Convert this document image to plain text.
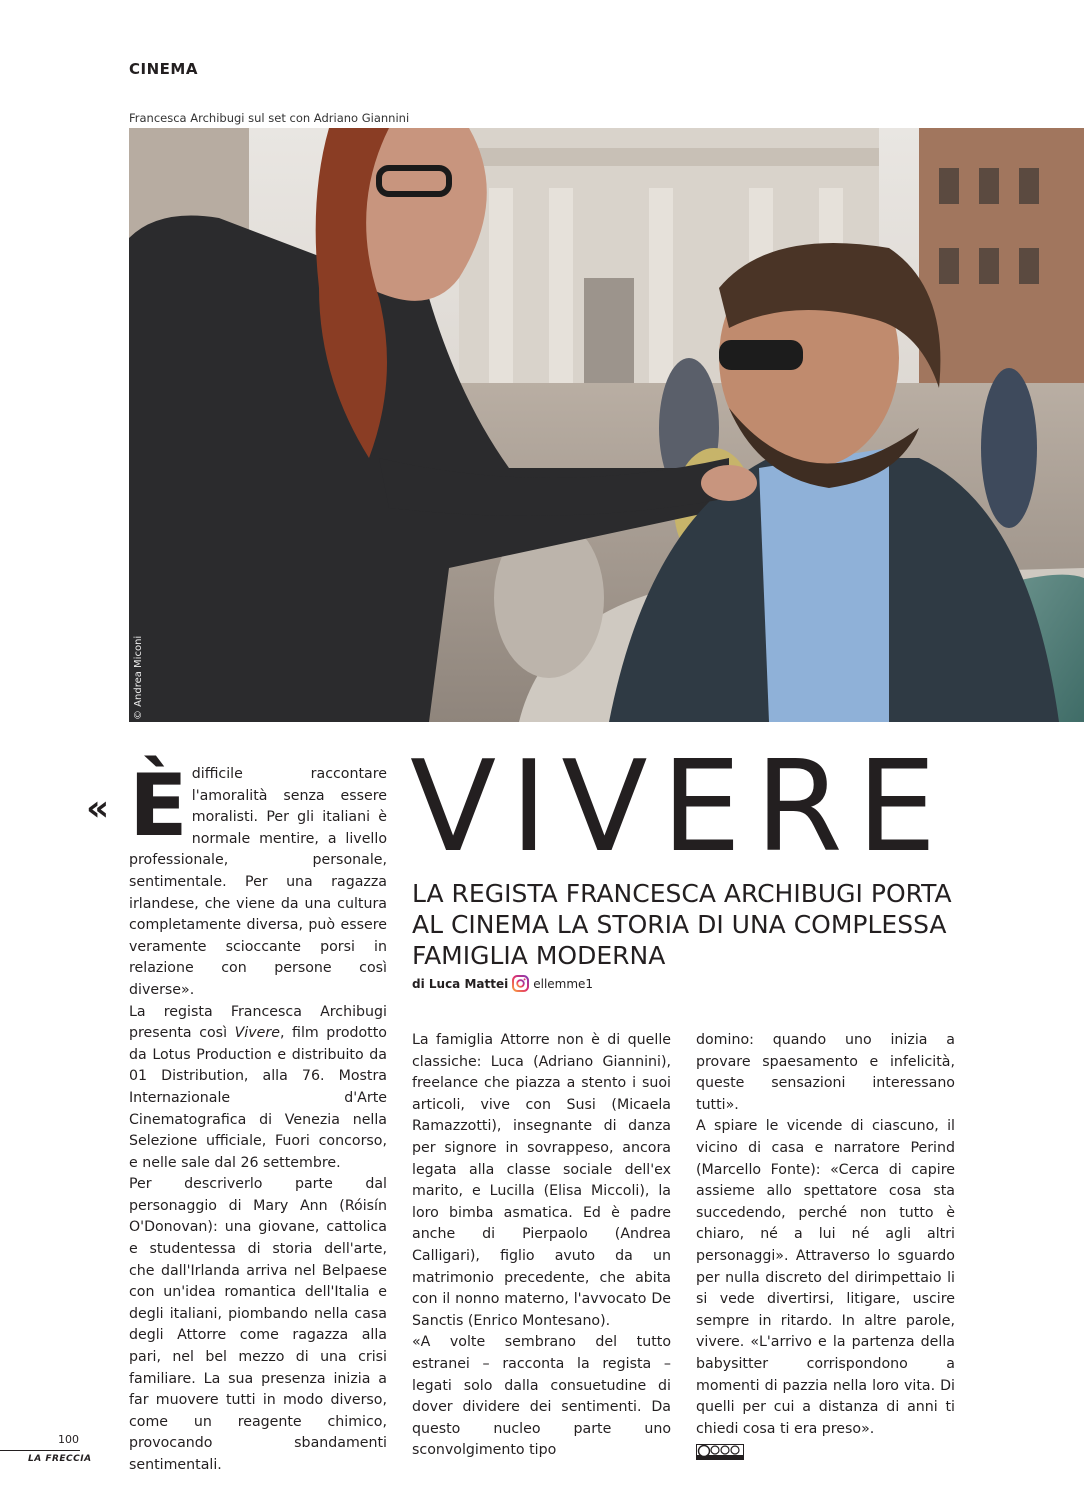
CINEMA
Francesca Archibugi sul set con Adriano Giannini
© Andrea Miconi
« È difficile raccontare l'amoralità senza essere moralisti. Per gli italiani è normale mentire, a livello professionale, personale, sentimentale. Per una ragazza irlandese, che viene da una cultura completamente diversa, può essere veramente scioccante porsi in relazione con persone così diverse».

La regista Francesca Archibugi presenta così Vivere, film prodotto da Lotus Production e distribuito da 01 Distribution, alla 76. Mostra Internazionale d'Arte Cinematografica di Venezia nella Selezione ufficiale, Fuori concorso, e nelle sale dal 26 settembre.

Per descriverlo parte dal personaggio di Mary Ann (Róisín O'Donovan): una giovane, cattolica e studentessa di storia dell'arte, che dall'Irlanda arriva nel Belpaese con un'idea romantica dell'Italia e degli italiani, piombando nella casa degli Attorre come ragazza alla pari, nel bel mezzo di una crisi familiare. La sua presenza inizia a far muovere tutti in modo diverso, come un reagente chimico, provocando sbandamenti sentimentali.

VIVERE
LA REGISTA FRANCESCA ARCHIBUGI PORTA AL CINEMA LA STORIA DI UNA COMPLESSA FAMIGLIA MODERNA
di Luca Mattei ellemme1

La famiglia Attorre non è di quelle classiche: Luca (Adriano Giannini), freelance che piazza a stento i suoi articoli, vive con Susi (Micaela Ramazzotti), insegnante di danza per signore in sovrappeso, ancora legata alla classe sociale dell'ex marito, e Lucilla (Elisa Miccoli), la loro bimba asmatica. Ed è padre anche di Pierpaolo (Andrea Calligari), figlio avuto da un matrimonio precedente, che abita con il nonno materno, l'avvocato De Sanctis (Enrico Montesano).

«A volte sembrano del tutto estranei – racconta la regista – legati solo dalla consuetudine di dover dividere dei sentimenti. Da questo nucleo parte uno sconvolgimento tipo

domino: quando uno inizia a provare spaesamento e infelicità, queste sensazioni interessano tutti».

A spiare le vicende di ciascuno, il vicino di casa e narratore Perind (Marcello Fonte): «Cerca di capire assieme allo spettatore cosa sta succedendo, perché non tutto è chiaro, né a lui né agli altri personaggi». Attraverso lo sguardo per nulla discreto del dirimpettaio li si vede divertirsi, litigare, uscire sempre in ritardo. In altre parole, vivere. «L'arrivo e la partenza della babysitter corrispondono a momenti di pazzia nella loro vita. Di quelli per cui a distanza di anni ti chiedi cosa ti era preso».

100
LA FRECCIA
